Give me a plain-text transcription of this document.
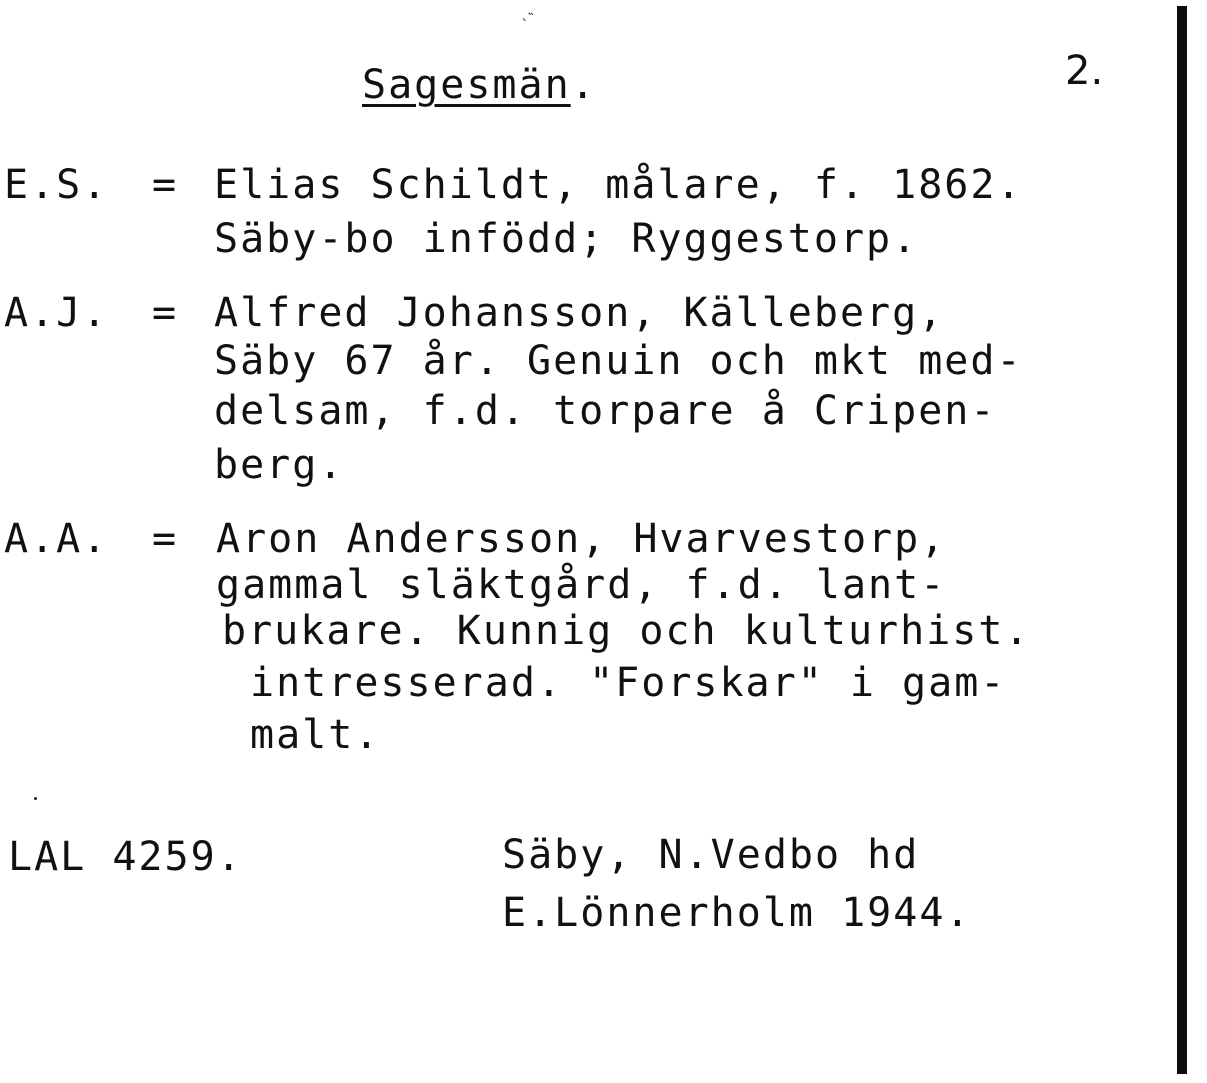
ˎ˵
Sagesmän.	2.
E.S. = Elias Schildt, målare, f. 1862.
Säby-bo infödd; Ryggestorp.
A.J. = Alfred Johansson, Källeberg,
Säby 67 år. Genuin och mkt med-
delsam, f.d. torpare å Cripen-
berg.
A.A. = Aron Andersson, Hvarvestorp,
gammal släktgård, f.d. lant-
brukare. Kunnig och kulturhist.
intresserad. "Forskar" i gam-
malt.
LAL 4259.	Säby, N.Vedbo hd
E.Lönnerholm 1944.
